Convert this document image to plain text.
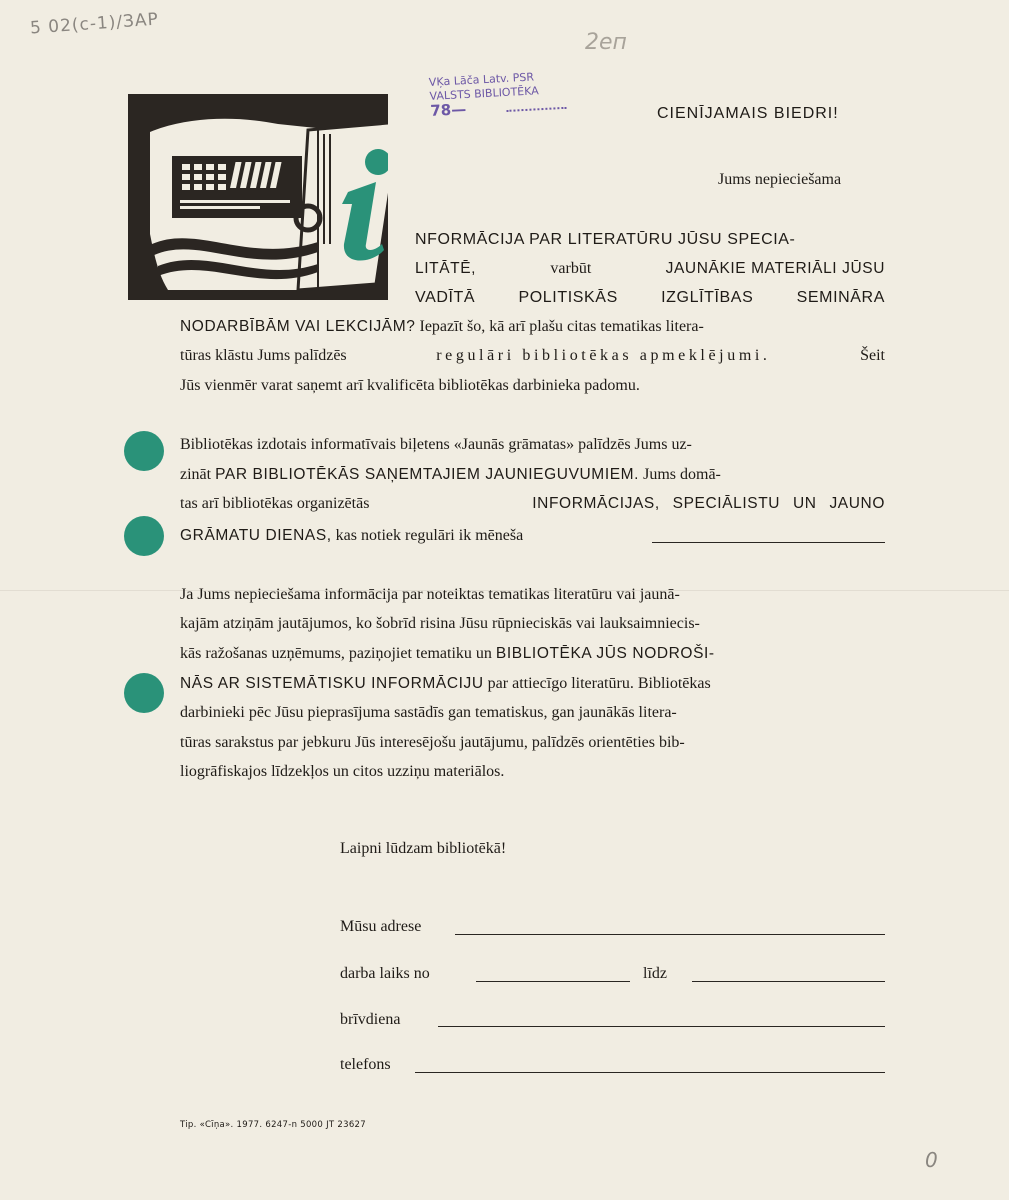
5 02(с-1)/ЗАР
2еп
0
VĶa Lāča Latv. PSR
VALSTS BIBLIOTĒKA
78—	CIENĪJAMAIS BIEDRI!
Jums nepieciešama
NFORMĀCIJA PAR LITERATŪRU JŪSU SPECIA-
LITĀTĒ,	varbūt	JAUNĀKIE MATERIĀLI JŪSU
VADĪTĀ POLITISKĀS IZGLĪTĪBAS SEMINĀRA
NODARBĪBĀM VAI LEKCIJĀM? Iepazīt šo, kā arī plašu citas tematikas litera-
tūras klāstu Jums palīdzēs	regulāri bibliotēkas apmeklējumi.	Šeit
Jūs vienmēr varat saņemt arī kvalificēta bibliotēkas darbinieka padomu.
Bibliotēkas izdotais informatīvais biļetens «Jaunās grāmatas» palīdzēs Jums uz-
zināt PAR BIBLIOTĒKĀS SAŅEMTAJIEM JAUNIEGUVUMIEM. Jums domā-
tas arī bibliotēkas organizētās	INFORMĀCIJAS, SPECIĀLISTU UN JAUNO
GRĀMATU DIENAS, kas notiek regulāri ik mēneša
Ja Jums nepieciešama informācija par noteiktas tematikas literatūru vai jaunā-
kajām atziņām jautājumos, ko šobrīd risina Jūsu rūpnieciskās vai lauksaimniecis-
kās ražošanas uzņēmums, paziņojiet tematiku un BIBLIOTĒKA JŪS NODROŠI-
NĀS AR SISTEMĀTISKU INFORMĀCIJU par attiecīgo literatūru. Bibliotēkas
darbinieki pēc Jūsu pieprasījuma sastādīs gan tematiskus, gan jaunākās litera-
tūras sarakstus par jebkuru Jūs interesējošu jautājumu, palīdzēs orientēties bib-
liogrāfiskajos līdzekļos un citos uzziņu materiālos.
Laipni lūdzam bibliotēkā!
Mūsu adrese
darba laiks no	līdz
brīvdiena
telefons
Tip. «Cīņa». 1977. 6247-n 5000 JT 23627
